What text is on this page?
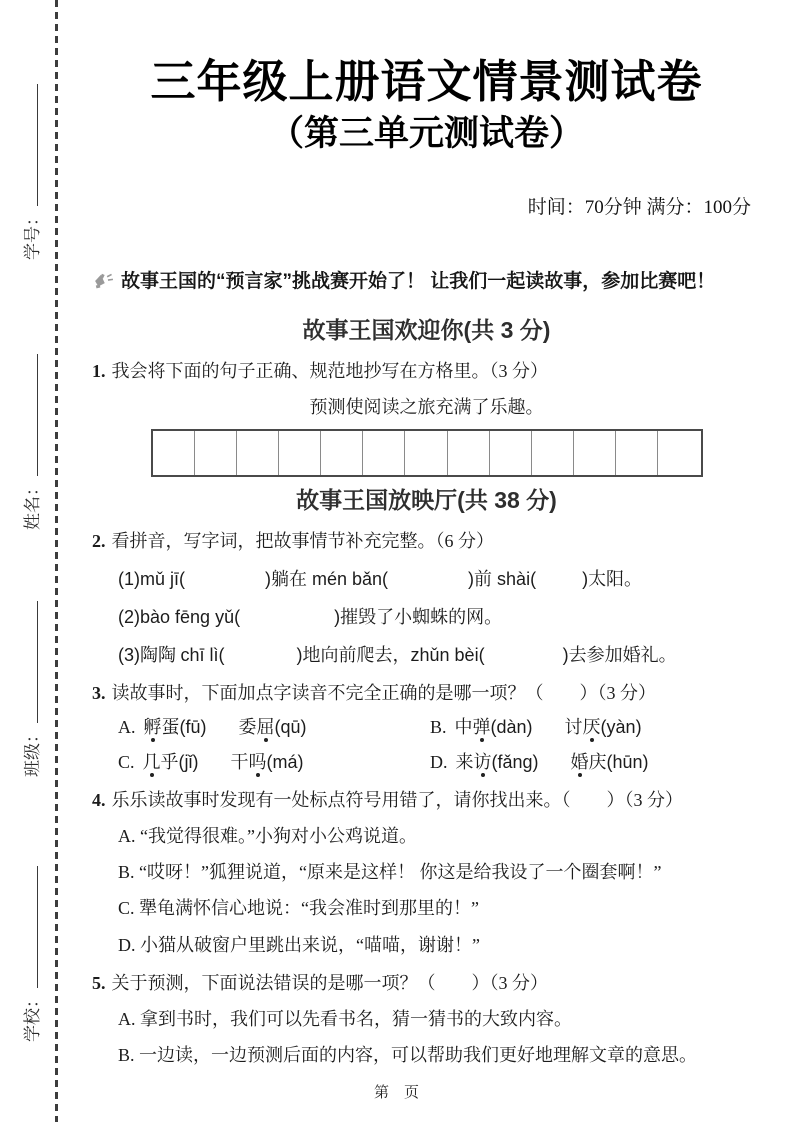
学号：
姓名：
班级：
学校：
三年级上册语文情景测试卷
（第三单元测试卷）
时间：70分钟 满分：100分
故事王国的“预言家”挑战赛开始了！ 让我们一起读故事，参加比赛吧！
故事王国欢迎你(共 3 分)
1. 我会将下面的句子正确、规范地抄写在方格里。（3 分）
预测使阅读之旅充满了乐趣。
故事王国放映厅(共 38 分)
2. 看拼音，写字词，把故事情节补充完整。（6 分）
(1)mǔ jī(	)躺在 mén bǎn(	)前 shài(	)太阳。
(2)bào fēng yǔ(	)摧毁了小蜘蛛的网。
(3)陶陶 chī lì(	)地向前爬去，zhǔn bèi(	)去参加婚礼。
3. 读故事时，下面加点字读音不完全正确的是哪一项？（　　）（3 分）
A. 孵蛋(fū) 委屈(qū)	B. 中弹(dàn) 讨厌(yàn)
C. 几乎(jǐ) 干吗(má)	D. 来访(fǎng) 婚庆(hūn)
4. 乐乐读故事时发现有一处标点符号用错了，请你找出来。（　　）（3 分）
A. “我觉得很难。”小狗对小公鸡说道。
B. “哎呀！”狐狸说道，“原来是这样！ 你这是给我设了一个圈套啊！”
C. 犟龟满怀信心地说：“我会准时到那里的！”
D. 小猫从破窗户里跳出来说，“喵喵，谢谢！”
5. 关于预测，下面说法错误的是哪一项？（　　）（3 分）
A. 拿到书时，我们可以先看书名，猜一猜书的大致内容。
B. 一边读，一边预测后面的内容，可以帮助我们更好地理解文章的意思。
第　页
